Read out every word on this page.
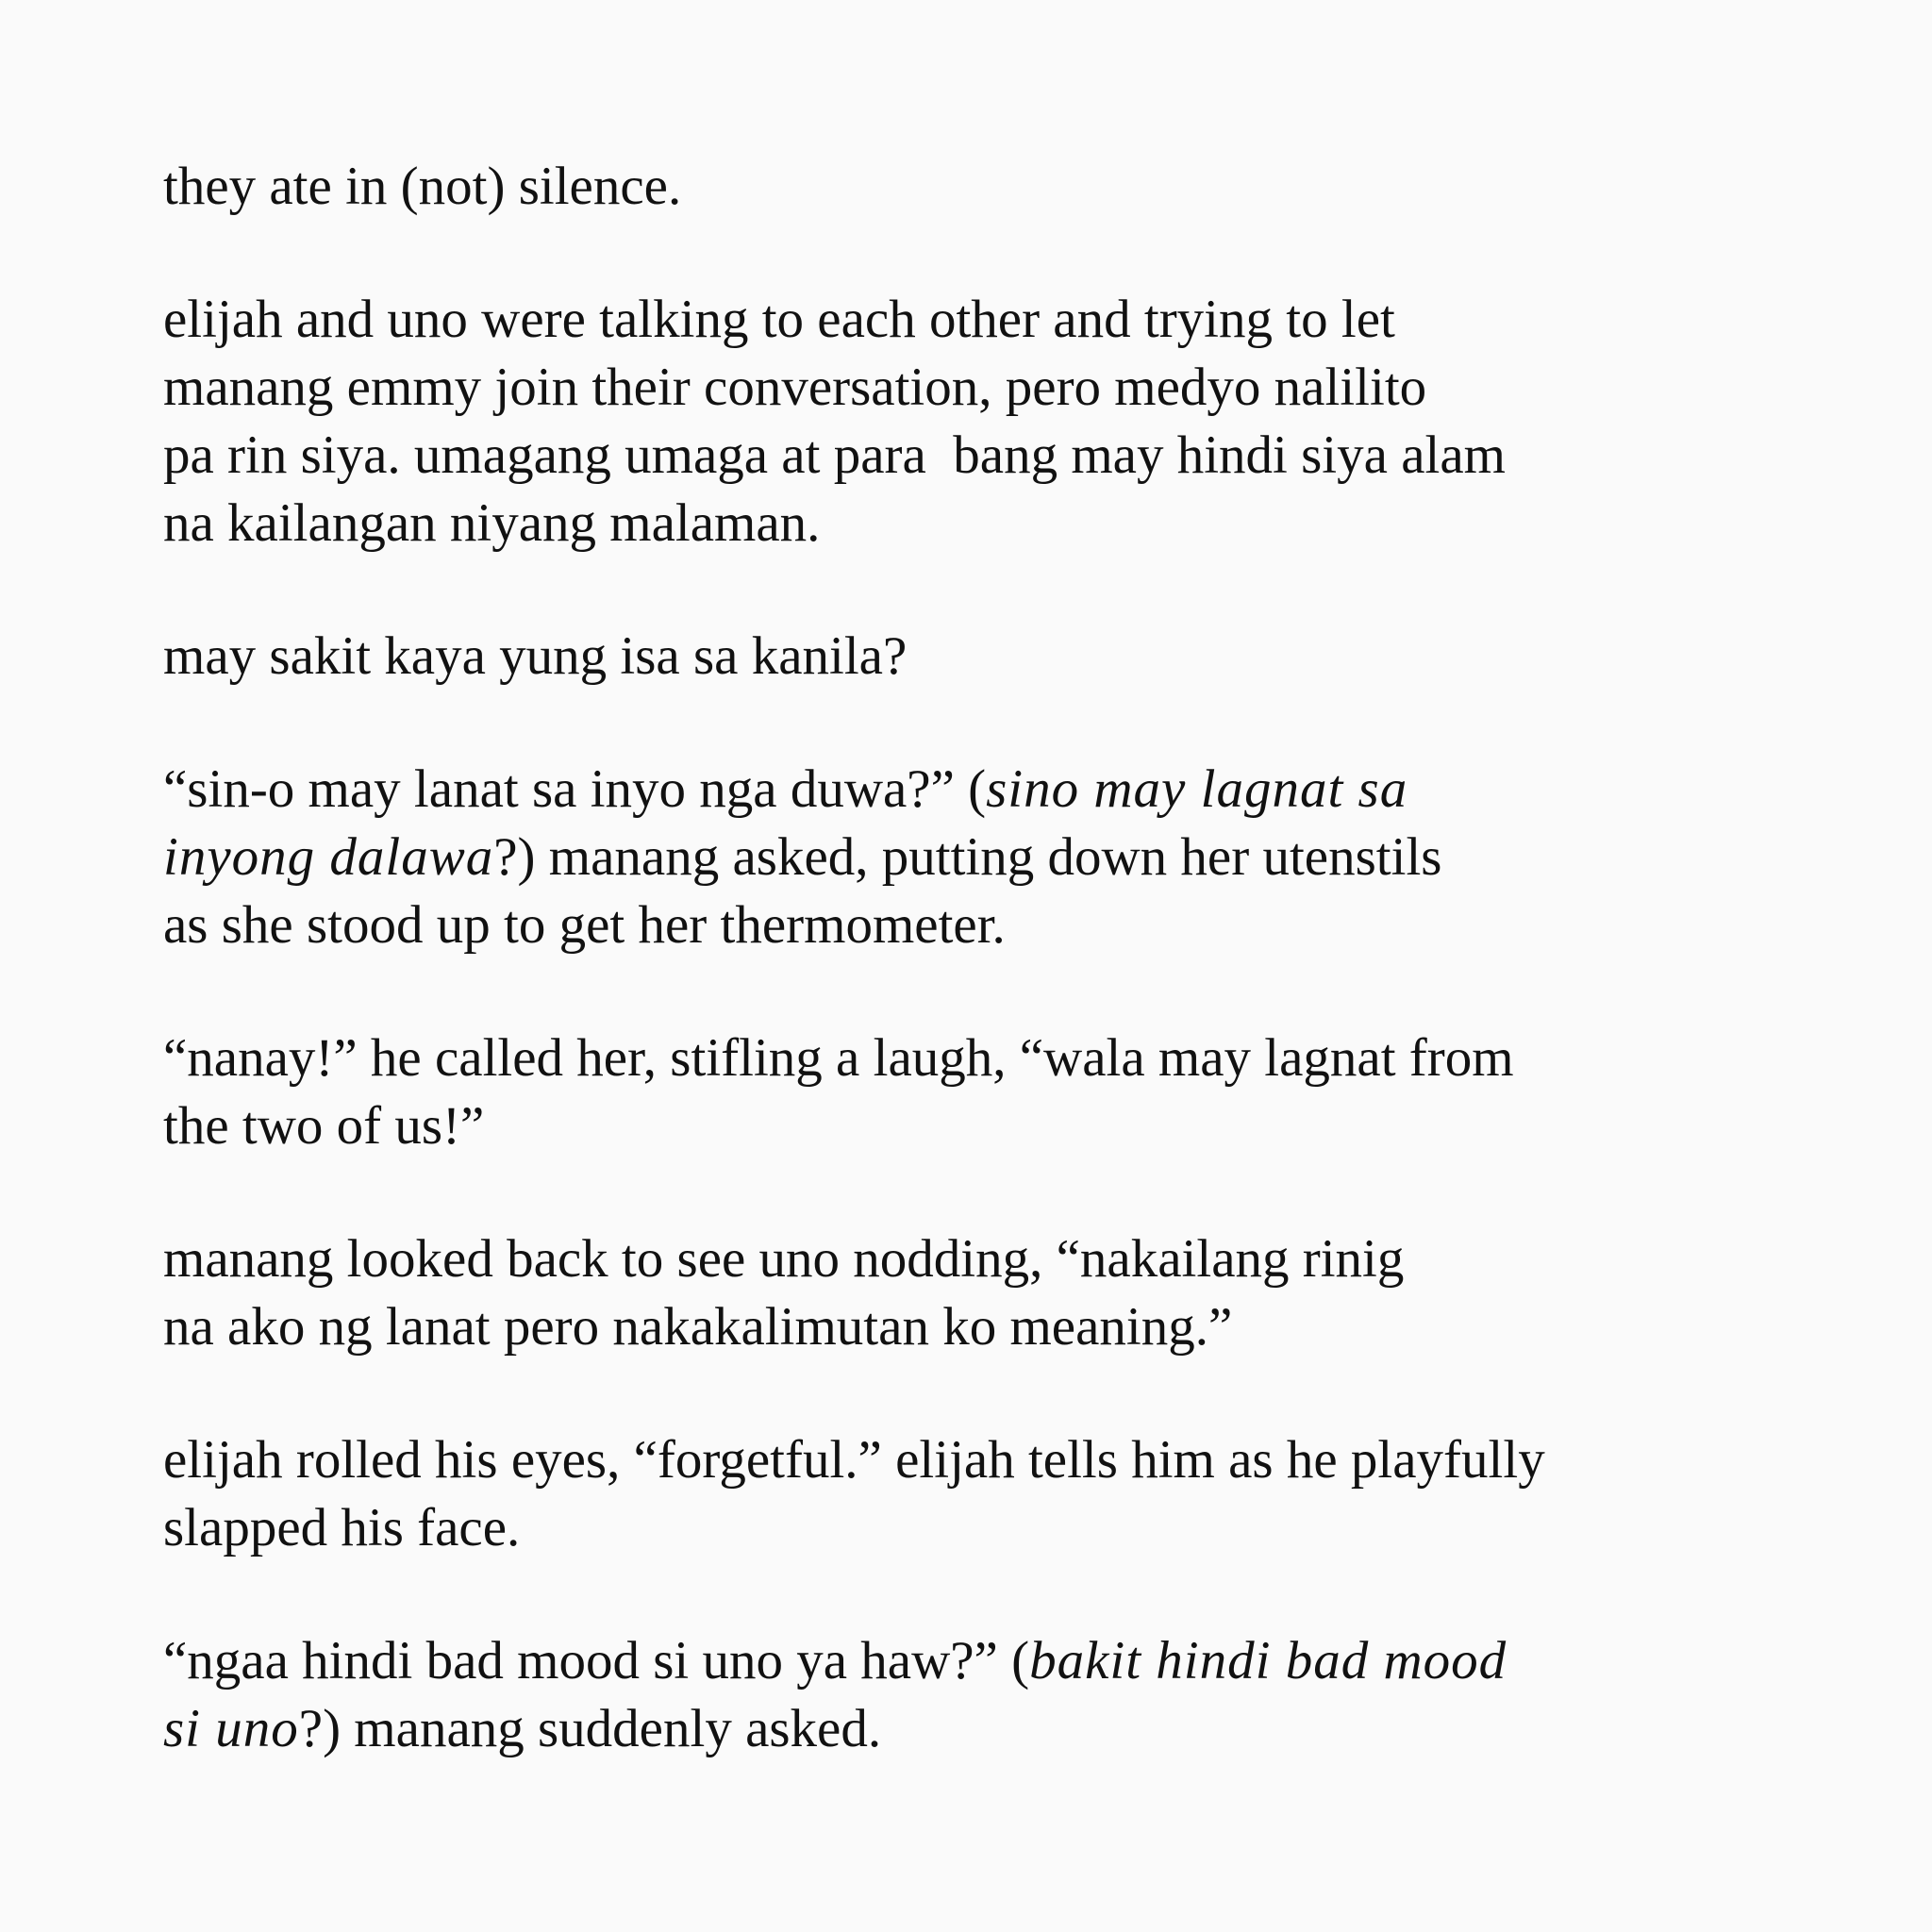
they ate in (not) silence.
elijah and uno were talking to each other and trying to let
manang emmy join their conversation, pero medyo nalilito
pa rin siya. umagang umaga at para  bang may hindi siya alam
na kailangan niyang malaman.
may sakit kaya yung isa sa kanila?
“sin-o may lanat sa inyo nga duwa?” (sino may lagnat sa
inyong dalawa?) manang asked, putting down her utenstils
as she stood up to get her thermometer.
“nanay!” he called her, stifling a laugh, “wala may lagnat from
the two of us!”
manang looked back to see uno nodding, “nakailang rinig
na ako ng lanat pero nakakalimutan ko meaning.”
elijah rolled his eyes, “forgetful.” elijah tells him as he playfully
slapped his face.
“ngaa hindi bad mood si uno ya haw?” (bakit hindi bad mood
si uno?) manang suddenly asked.
